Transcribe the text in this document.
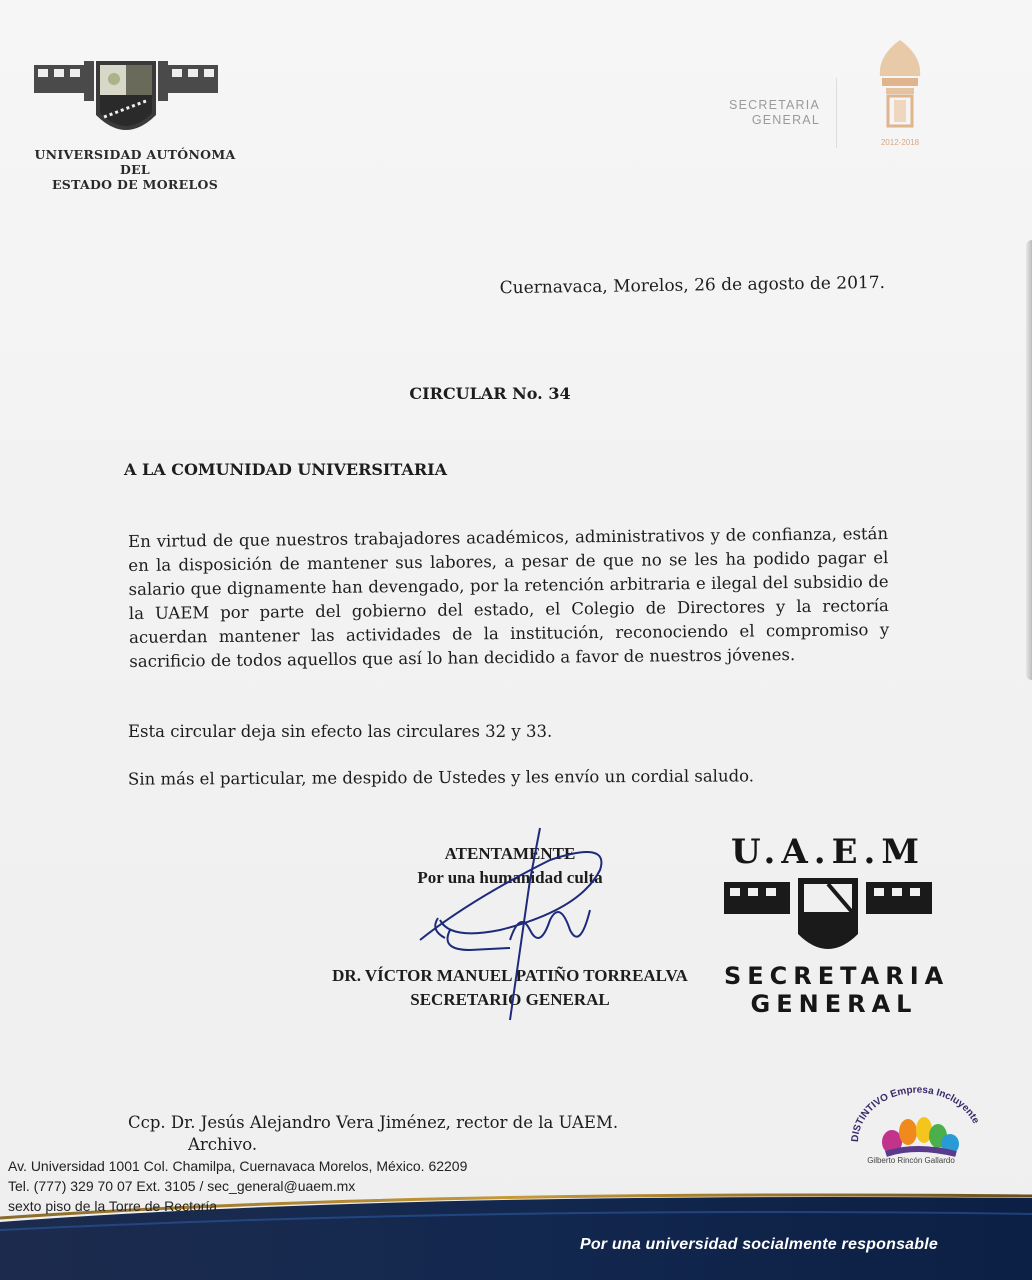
UNIVERSIDAD AUTÓNOMA DEL
ESTADO DE MORELOS
SECRETARIA
GENERAL
2012-2018
Cuernavaca, Morelos, 26 de agosto de 2017.
CIRCULAR No. 34
A LA COMUNIDAD UNIVERSITARIA
En virtud de que nuestros trabajadores académicos, administrativos y de confianza, están en la disposición de mantener sus labores, a pesar de que no se les ha podido pagar el salario que dignamente han devengado, por la retención arbitraria e ilegal del subsidio de la UAEM por parte del gobierno del estado, el Colegio de Directores y la rectoría acuerdan mantener las actividades de la institución, reconociendo el compromiso y sacrificio de todos aquellos que así lo han decidido a favor de nuestros jóvenes.
Esta circular deja sin efecto las circulares 32 y 33.
Sin más el particular, me despido de Ustedes y les envío un cordial saludo.
ATENTAMENTE
Por una humanidad culta
DR. VÍCTOR MANUEL PATIÑO TORREALVA
SECRETARIO GENERAL
U.A.E.M
SECRETARIA
GENERAL
DISTINTIVO Empresa Incluyente
Gilberto Rincón Gallardo
Ccp. Dr. Jesús Alejandro Vera Jiménez, rector de la UAEM.
Archivo.
Av. Universidad 1001 Col. Chamilpa, Cuernavaca Morelos, México. 62209
Tel. (777) 329 70 07 Ext. 3105 / sec_general@uaem.mx
sexto piso de la Torre de Rectoría
Por una universidad socialmente responsable
